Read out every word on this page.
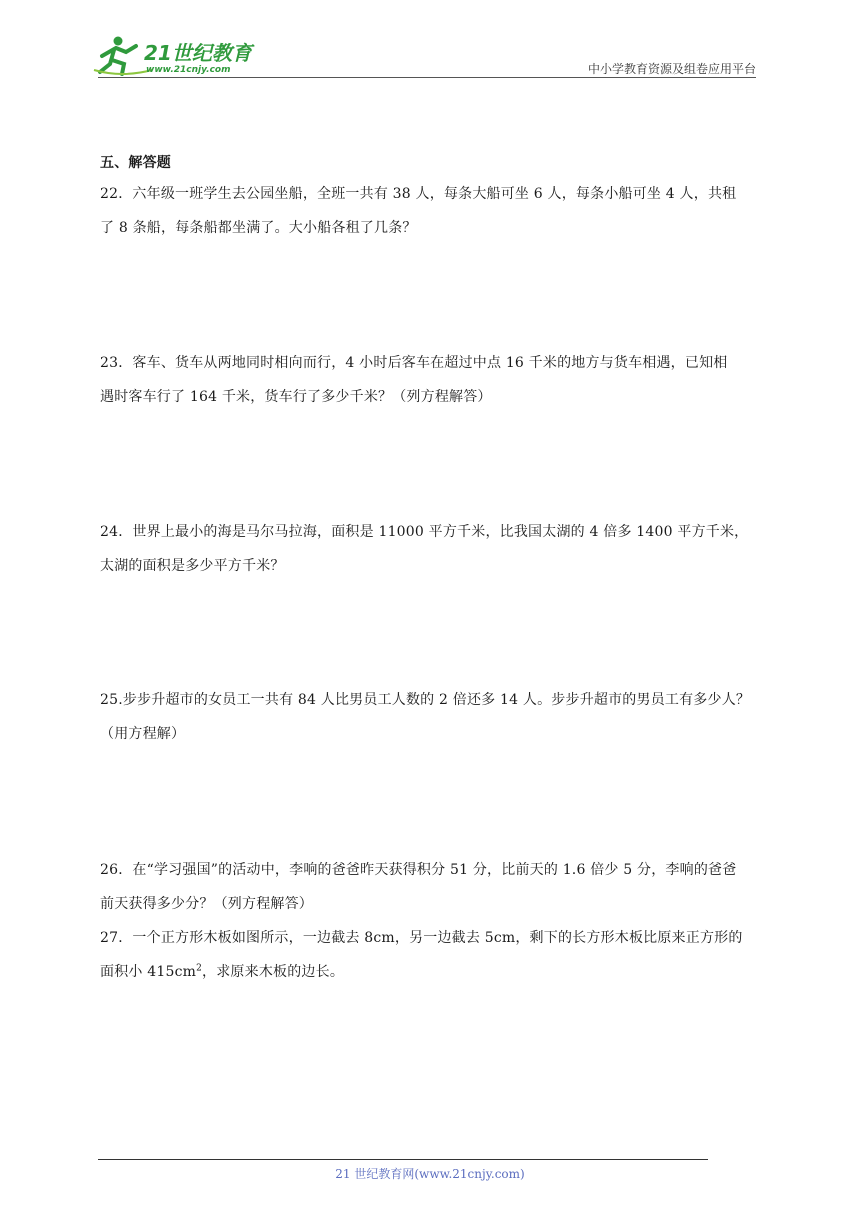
21世纪教育
www.21cnjy.com	中小学教育资源及组卷应用平台
五、解答题
22．六年级一班学生去公园坐船，全班一共有 38 人，每条大船可坐 6 人，每条小船可坐 4 人，共租
了 8 条船，每条船都坐满了。大小船各租了几条？
23．客车、货车从两地同时相向而行，4 小时后客车在超过中点 16 千米的地方与货车相遇，已知相
遇时客车行了 164 千米，货车行了多少千米？（列方程解答）
24．世界上最小的海是马尔马拉海，面积是 11000 平方千米，比我国太湖的 4 倍多 1400 平方千米，
太湖的面积是多少平方千米？
25.步步升超市的女员工一共有 84 人比男员工人数的 2 倍还多 14 人。步步升超市的男员工有多少人？
（用方程解）
26．在“学习强国”的活动中，李响的爸爸昨天获得积分 51 分，比前天的 1.6 倍少 5 分，李响的爸爸
前天获得多少分？（列方程解答）
27．一个正方形木板如图所示，一边截去 8cm，另一边截去 5cm，剩下的长方形木板比原来正方形的
面积小 $415cm^2$，求原来木板的边长。
21 世纪教育网(www.21cnjy.com)
